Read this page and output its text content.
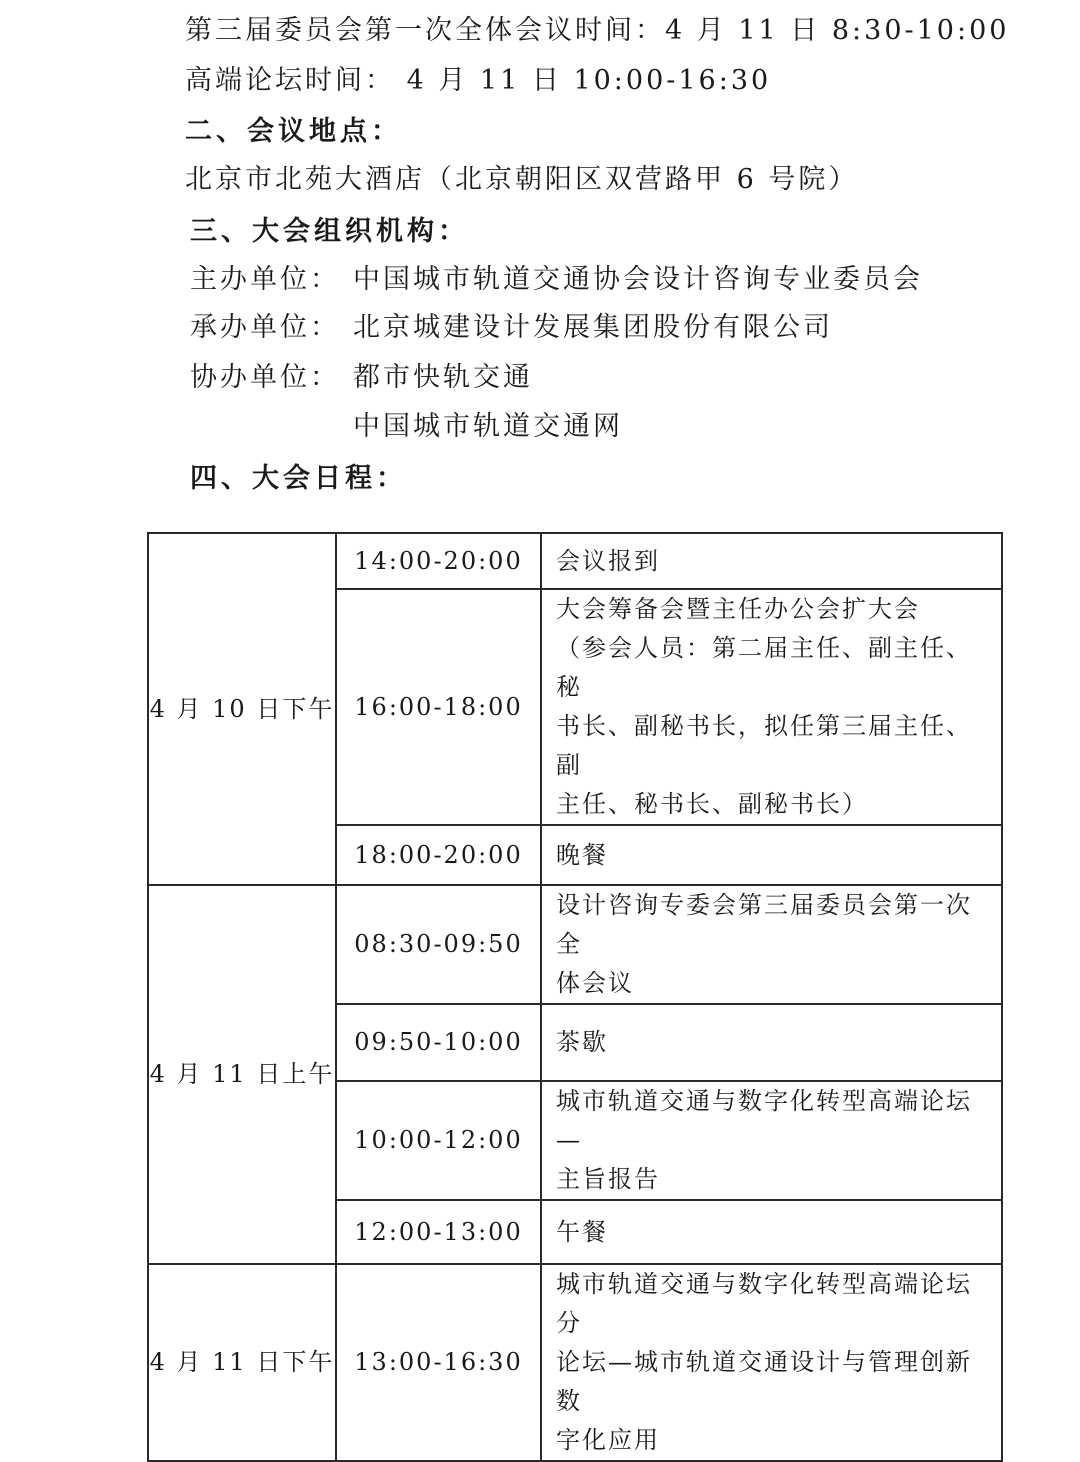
第三届委员会第一次全体会议时间：4 月 11 日 8:30-10:00
高端论坛时间： 4 月 11 日 10:00-16:30
二、会议地点：
北京市北苑大酒店（北京朝阳区双营路甲 6 号院）
三、大会组织机构：
主办单位： 中国城市轨道交通协会设计咨询专业委员会
承办单位： 北京城建设计发展集团股份有限公司
协办单位： 都市快轨交通
中国城市轨道交通网
四、大会日程：
4 月 10 日下午	14:00-20:00	会议报到

	16:00-18:00	大会筹备会暨主任办公会扩大会
（参会人员：第二届主任、副主任、秘
书长、副秘书长，拟任第三届主任、副
主任、秘书长、副秘书长）

	18:00-20:00	晚餐

4 月 11 日上午	08:30-09:50	设计咨询专委会第三届委员会第一次全
体会议

	09:50-10:00	茶歇

	10:00-12:00	城市轨道交通与数字化转型高端论坛—
主旨报告

	12:00-13:00	午餐

4 月 11 日下午	13:00-16:30	城市轨道交通与数字化转型高端论坛分
论坛—城市轨道交通设计与管理创新数
字化应用
